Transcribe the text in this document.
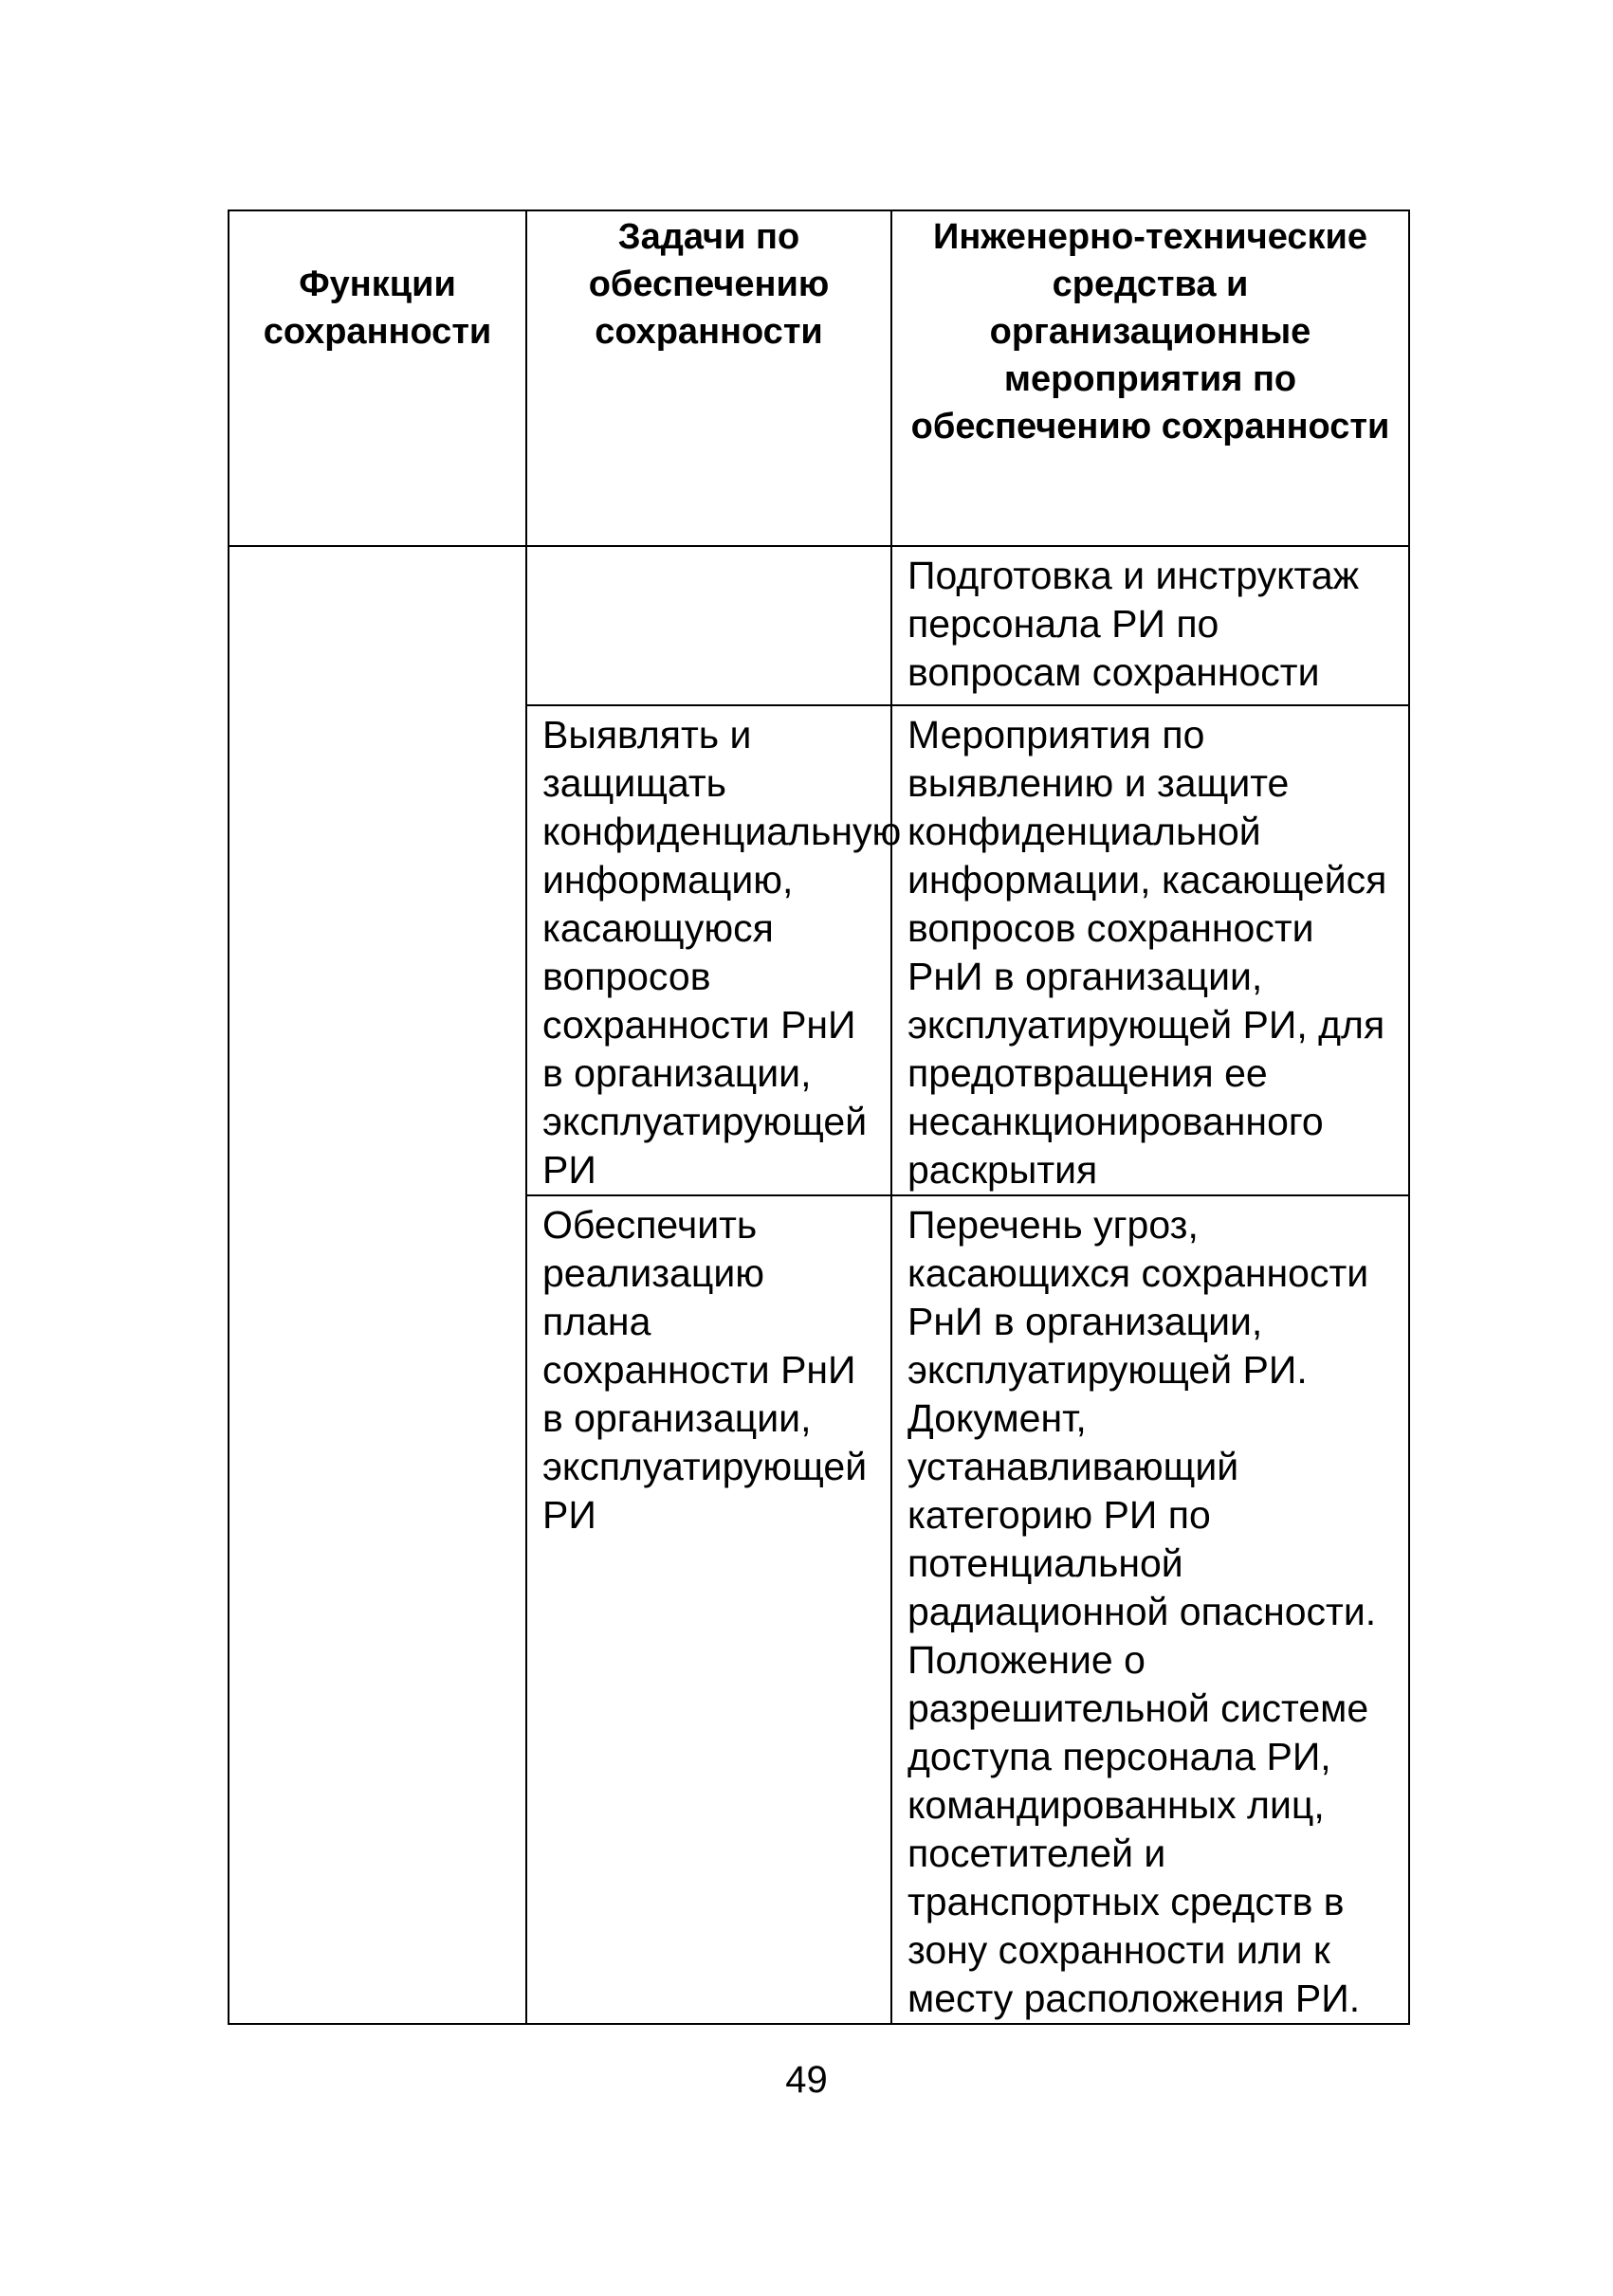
Функции сохранности	Задачи по обеспечению сохранности	Инженерно-технические средства и организационные мероприятия по обеспечению сохранности

		Подготовка и инструктаж персонала РИ по вопросам сохранности

	Выявлять и защищать конфиденциальную информацию, касающуюся вопросов сохранности РнИ в организации, эксплуатирующей РИ	Мероприятия по выявлению и защите конфиденциальной информации, касающейся вопросов сохранности РнИ в организации, эксплуатирующей РИ, для предотвращения ее несанкционированного раскрытия

	Обеспечить реализацию плана сохранности РнИ в организации, эксплуатирующей РИ	Перечень угроз, касающихся сохранности РнИ в организации, эксплуатирующей РИ. Документ, устанавливающий категорию РИ по потенциальной радиационной опасности. Положение о разрешительной системе доступа персонала РИ, командированных лиц, посетителей и транспортных средств в зону сохранности или к месту расположения РИ.
49
